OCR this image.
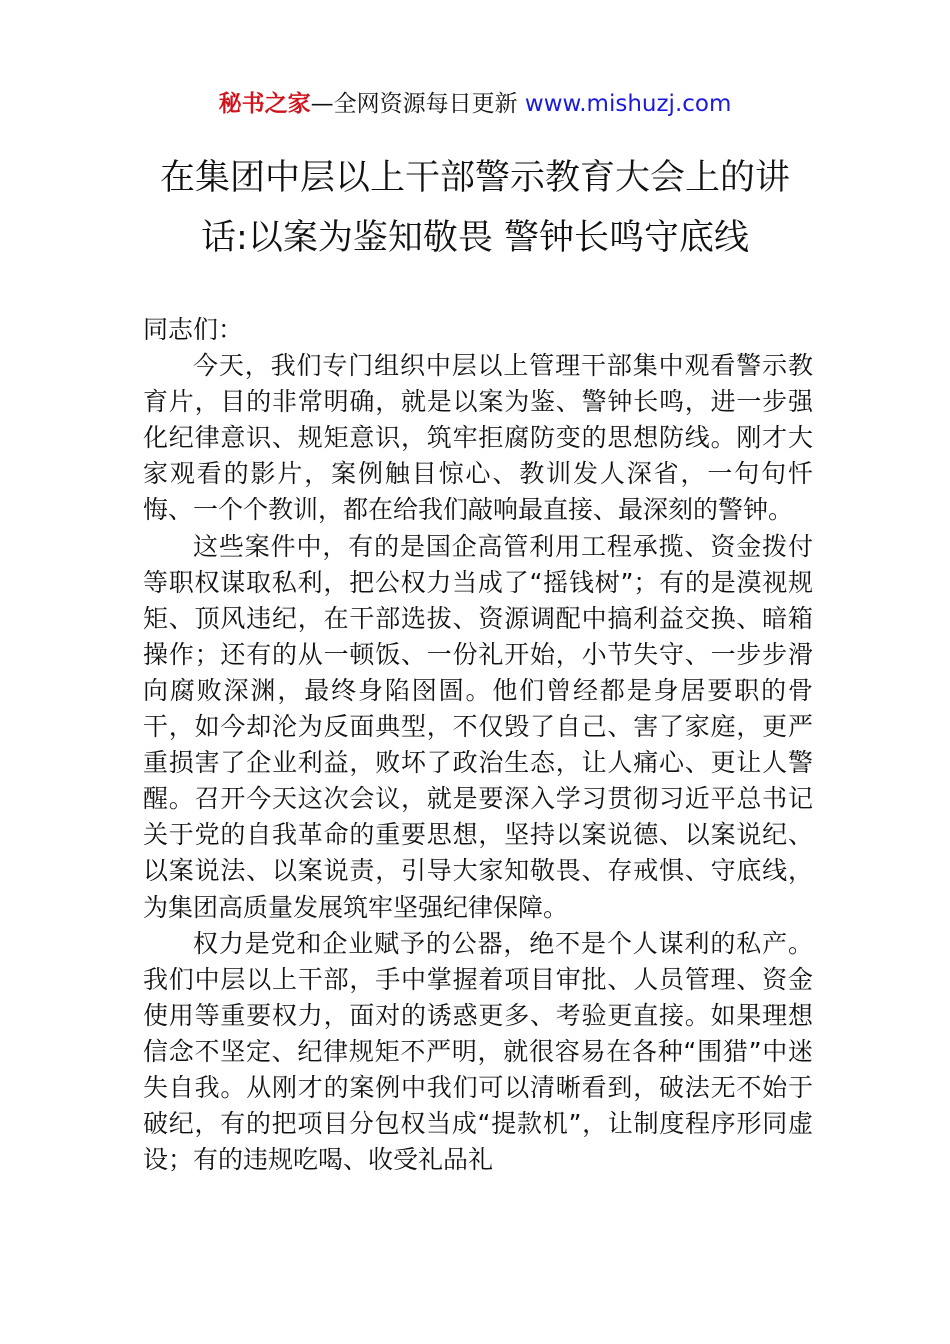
秘书之家—全网资源每日更新 www.mishuzj.com
在集团中层以上干部警示教育大会上的讲
话:以案为鉴知敬畏 警钟长鸣守底线

同志们：

今天，我们专门组织中层以上管理干部集中观看警示教育片，目的非常明确，就是以案为鉴、警钟长鸣，进一步强化纪律意识、规矩意识，筑牢拒腐防变的思想防线。刚才大家观看的影片，案例触目惊心、教训发人深省，一句句忏悔、一个个教训，都在给我们敲响最直接、最深刻的警钟。

这些案件中，有的是国企高管利用工程承揽、资金拨付等职权谋取私利，把公权力当成了“摇钱树”；有的是漠视规矩、顶风违纪，在干部选拔、资源调配中搞利益交换、暗箱操作；还有的从一顿饭、一份礼开始，小节失守、一步步滑向腐败深渊，最终身陷囹圄。他们曾经都是身居要职的骨干，如今却沦为反面典型，不仅毁了自己、害了家庭，更严重损害了企业利益，败坏了政治生态，让人痛心、更让人警醒。召开今天这次会议，就是要深入学习贯彻习近平总书记关于党的自我革命的重要思想，坚持以案说德、以案说纪、以案说法、以案说责，引导大家知敬畏、存戒惧、守底线，为集团高质量发展筑牢坚强纪律保障。

权力是党和企业赋予的公器，绝不是个人谋利的私产。我们中层以上干部，手中掌握着项目审批、人员管理、资金使用等重要权力，面对的诱惑更多、考验更直接。如果理想信念不坚定、纪律规矩不严明，就很容易在各种“围猎”中迷失自我。从刚才的案例中我们可以清晰看到，破法无不始于破纪，有的把项目分包权当成“提款机”，让制度程序形同虚设；有的违规吃喝、收受礼品礼
